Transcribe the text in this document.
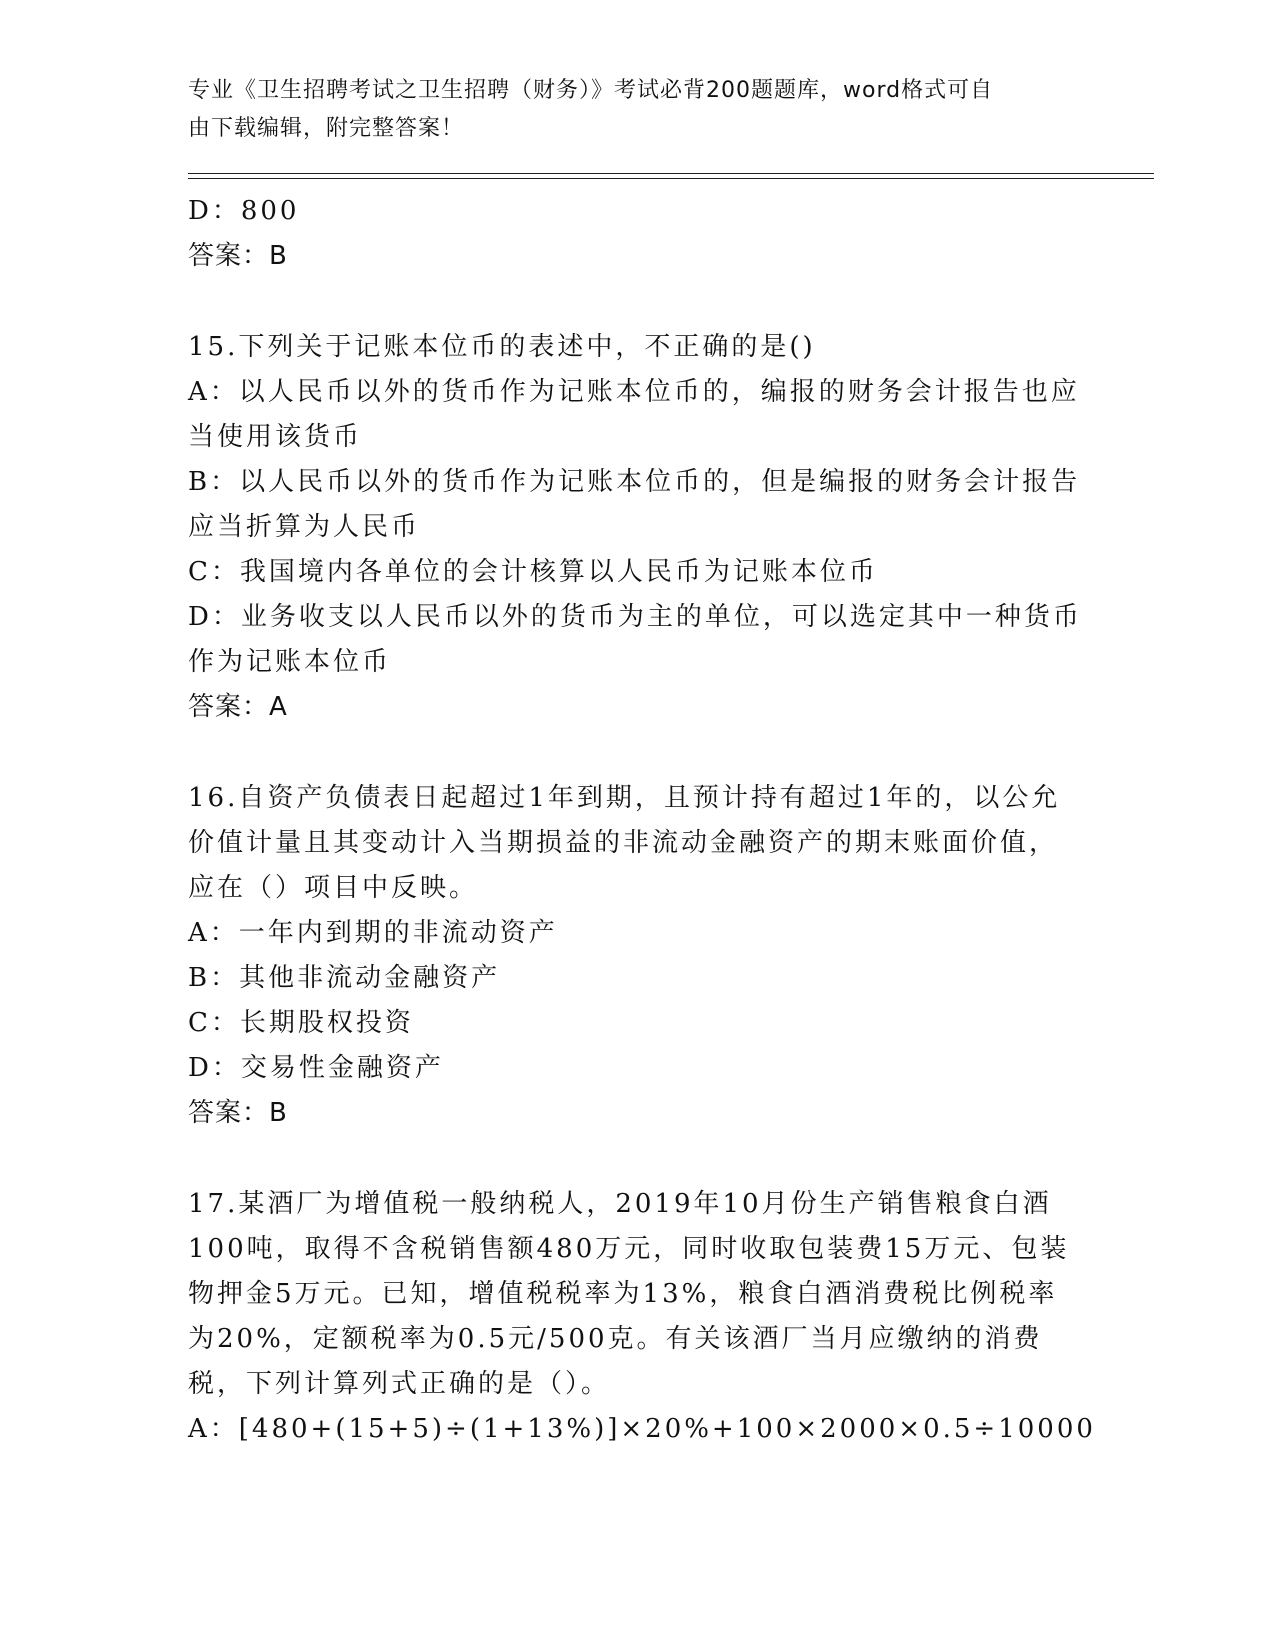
专业《卫生招聘考试之卫生招聘（财务）》考试必背200题题库，word格式可自
由下载编辑，附完整答案！
D：800
答案：B
15.下列关于记账本位币的表述中，不正确的是()
A：以人民币以外的货币作为记账本位币的，编报的财务会计报告也应
当使用该货币
B：以人民币以外的货币作为记账本位币的，但是编报的财务会计报告
应当折算为人民币
C：我国境内各单位的会计核算以人民币为记账本位币
D：业务收支以人民币以外的货币为主的单位，可以选定其中一种货币
作为记账本位币
答案：A
16.自资产负债表日起超过1年到期，且预计持有超过1年的，以公允
价值计量且其变动计入当期损益的非流动金融资产的期末账面价值，
应在（）项目中反映。
A：一年内到期的非流动资产
B：其他非流动金融资产
C：长期股权投资
D：交易性金融资产
答案：B
17.某酒厂为增值税一般纳税人，2019年10月份生产销售粮食白酒
100吨，取得不含税销售额480万元，同时收取包装费15万元、包装
物押金5万元。已知，增值税税率为13%，粮食白酒消费税比例税率
为20%，定额税率为0.5元/500克。有关该酒厂当月应缴纳的消费
税，下列计算列式正确的是（）。
A：[480+(15+5)÷(1+13%)]×20%+100×2000×0.5÷10000
